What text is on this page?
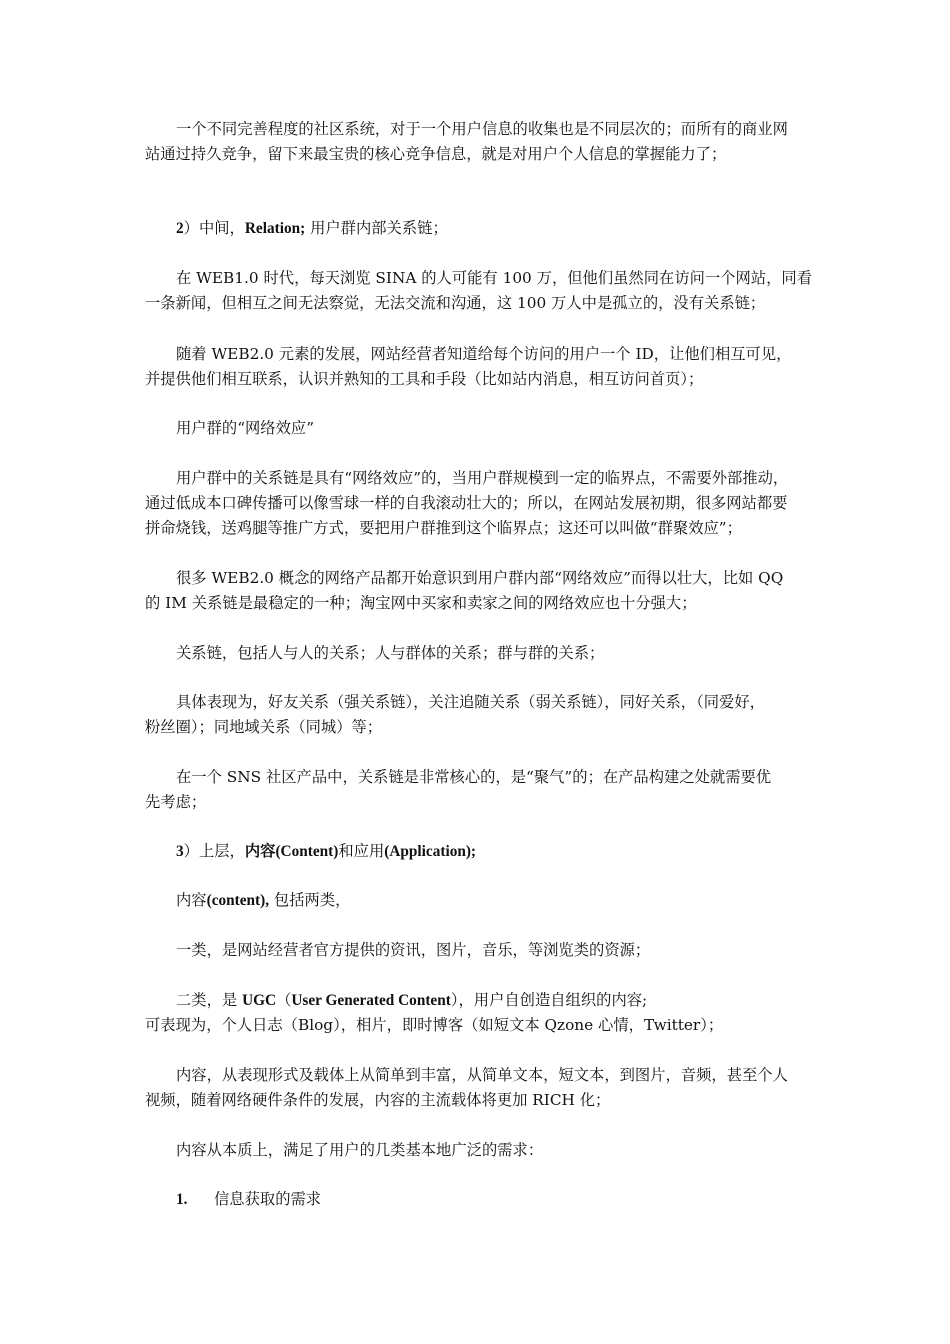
一个不同完善程度的社区系统，对于一个用户信息的收集也是不同层次的；而所有的商业网
站通过持久竞争，留下来最宝贵的核心竞争信息，就是对用户个人信息的掌握能力了；

2）中间，Relation; 用户群内部关系链；

在 WEB1.0 时代，每天浏览 SINA 的人可能有 100 万，但他们虽然同在访问一个网站，同看
一条新闻，但相互之间无法察觉，无法交流和沟通，这 100 万人中是孤立的，没有关系链；

随着 WEB2.0 元素的发展，网站经营者知道给每个访问的用户一个 ID，让他们相互可见，
并提供他们相互联系，认识并熟知的工具和手段（比如站内消息，相互访问首页）；

用户群的“网络效应”

用户群中的关系链是具有“网络效应”的，当用户群规模到一定的临界点，不需要外部推动，
通过低成本口碑传播可以像雪球一样的自我滚动壮大的；所以，在网站发展初期，很多网站都要
拼命烧钱，送鸡腿等推广方式，要把用户群推到这个临界点；这还可以叫做“群聚效应”；

很多 WEB2.0 概念的网络产品都开始意识到用户群内部“网络效应”而得以壮大，比如 QQ
的 IM 关系链是最稳定的一种；淘宝网中买家和卖家之间的网络效应也十分强大；

关系链，包括人与人的关系；人与群体的关系；群与群的关系；

具体表现为，好友关系（强关系链），关注追随关系（弱关系链），同好关系，（同爱好，
粉丝圈）；同地域关系（同城）等；

在一个 SNS 社区产品中，关系链是非常核心的，是“聚气”的；在产品构建之处就需要优
先考虑；

3）上层，内容(Content)和应用(Application);

内容(content), 包括两类，

一类，是网站经营者官方提供的资讯，图片，音乐，等浏览类的资源；

二类，是 UGC（User Generated Content），用户自创造自组织的内容;
可表现为，个人日志（Blog），相片，即时博客（如短文本 Qzone 心情，Twitter）；

内容，从表现形式及载体上从简单到丰富，从简单文本，短文本，到图片，音频，甚至个人
视频，随着网络硬件条件的发展，内容的主流载体将更加 RICH 化；

内容从本质上，满足了用户的几类基本地广泛的需求：

1. 信息获取的需求
